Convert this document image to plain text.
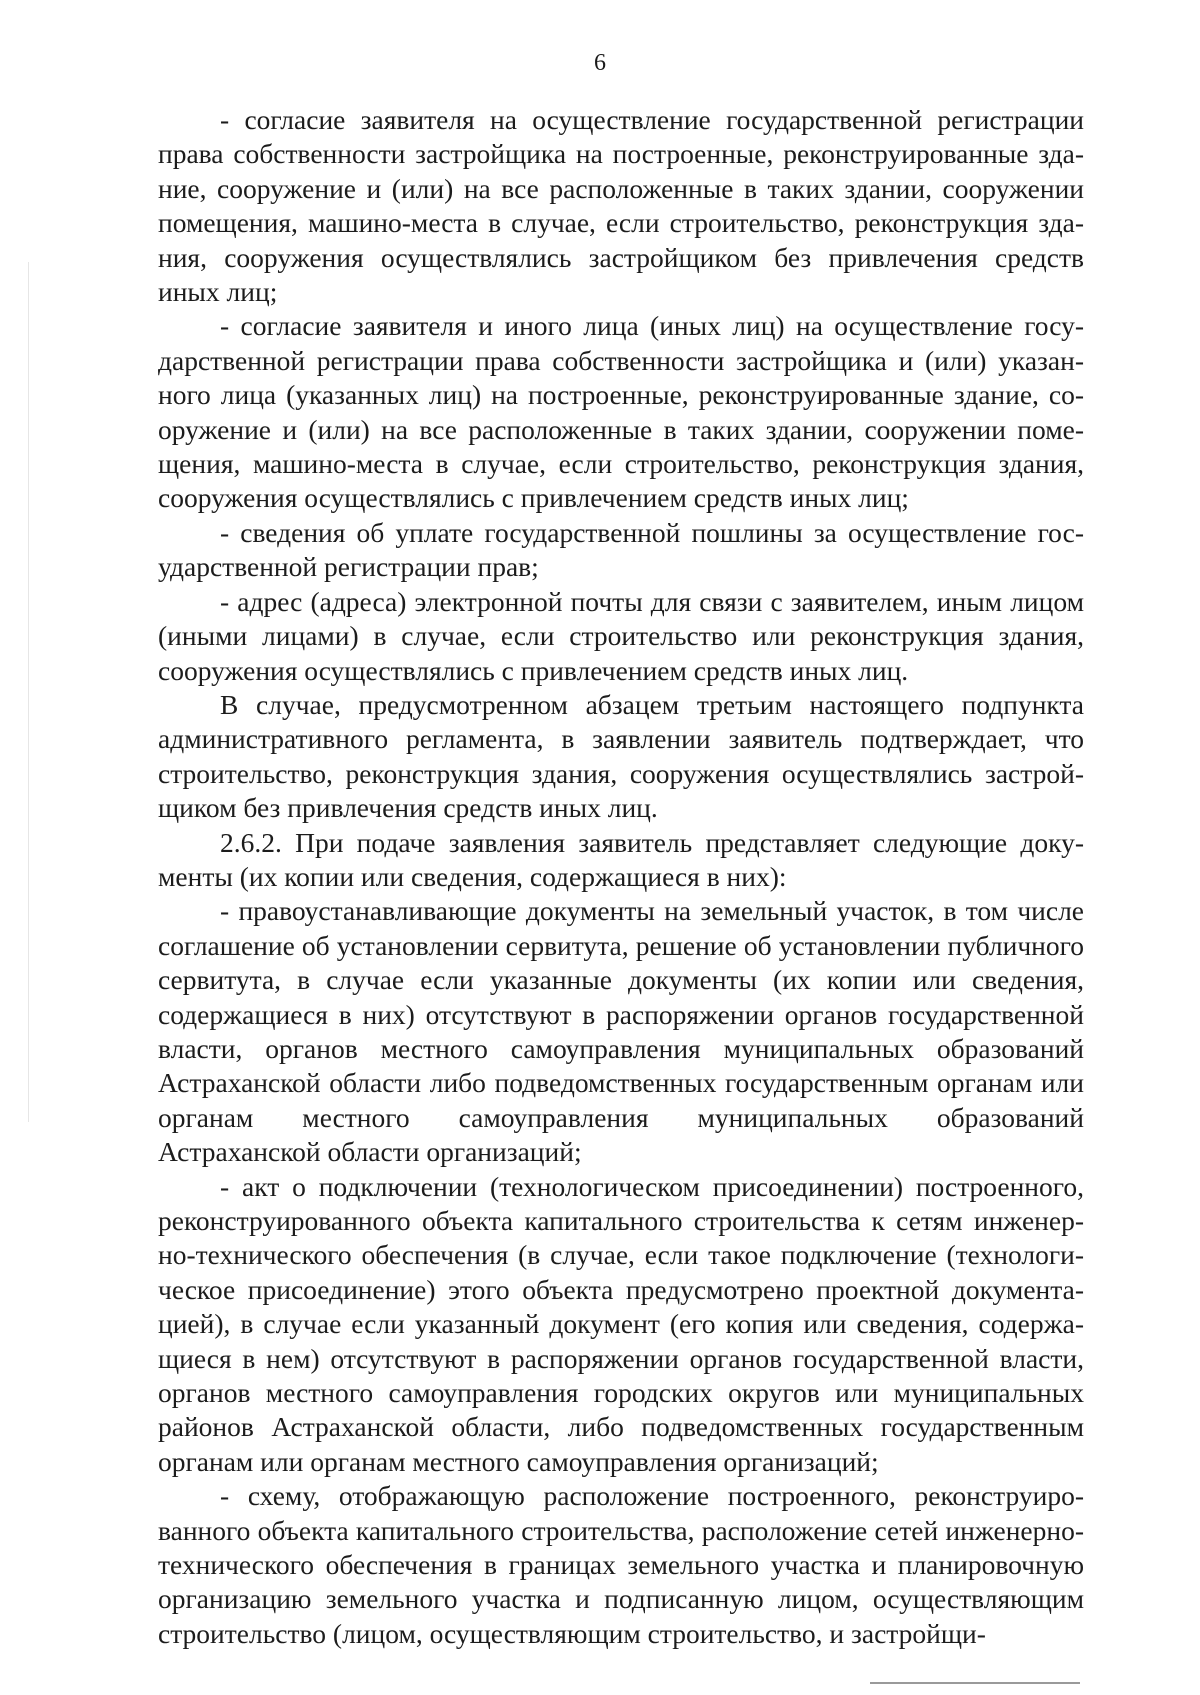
6

- согласие заявителя на осуществление государственной регистрации права собственности застройщика на построенные, реконструированные здание, сооружение и (или) на все расположенные в таких здании, сооружении помещения, машино-места в случае, если строительство, реконструкция здания, сооружения осуществлялись застройщиком без привлечения средств иных лиц;

- согласие заявителя и иного лица (иных лиц) на осуществление государственной регистрации права собственности застройщика и (или) указанного лица (указанных лиц) на построенные, реконструированные здание, сооружение и (или) на все расположенные в таких здании, сооружении помещения, машино-места в случае, если строительство, реконструкция здания, сооружения осуществлялись с привлечением средств иных лиц;

- сведения об уплате государственной пошлины за осуществление государственной регистрации прав;

- адрес (адреса) электронной почты для связи с заявителем, иным лицом (иными лицами) в случае, если строительство или реконструкция здания, сооружения осуществлялись с привлечением средств иных лиц.

В случае, предусмотренном абзацем третьим настоящего подпункта административного регламента, в заявлении заявитель подтверждает, что строительство, реконструкция здания, сооружения осуществлялись застройщиком без привлечения средств иных лиц.

2.6.2. При подаче заявления заявитель представляет следующие документы (их копии или сведения, содержащиеся в них):

- правоустанавливающие документы на земельный участок, в том числе соглашение об установлении сервитута, решение об установлении публичного сервитута, в случае если указанные документы (их копии или сведения, содержащиеся в них) отсутствуют в распоряжении органов государственной власти, органов местного самоуправления муниципальных образований Астраханской области либо подведомственных государственным органам или органам местного самоуправления муниципальных образований Астраханской области организаций;

- акт о подключении (технологическом присоединении) построенного, реконструированного объекта капитального строительства к сетям инженерно-технического обеспечения (в случае, если такое подключение (технологическое присоединение) этого объекта предусмотрено проектной документацией), в случае если указанный документ (его копия или сведения, содержащиеся в нем) отсутствуют в распоряжении органов государственной власти, органов местного самоуправления городских округов или муниципальных районов Астраханской области, либо подведомственных государственным органам или органам местного самоуправления организаций;

- схему, отображающую расположение построенного, реконструированного объекта капитального строительства, расположение сетей инженерно-технического обеспечения в границах земельного участка и планировочную организацию земельного участка и подписанную лицом, осуществляющим строительство (лицом, осуществляющим строительство, и застройщи-
